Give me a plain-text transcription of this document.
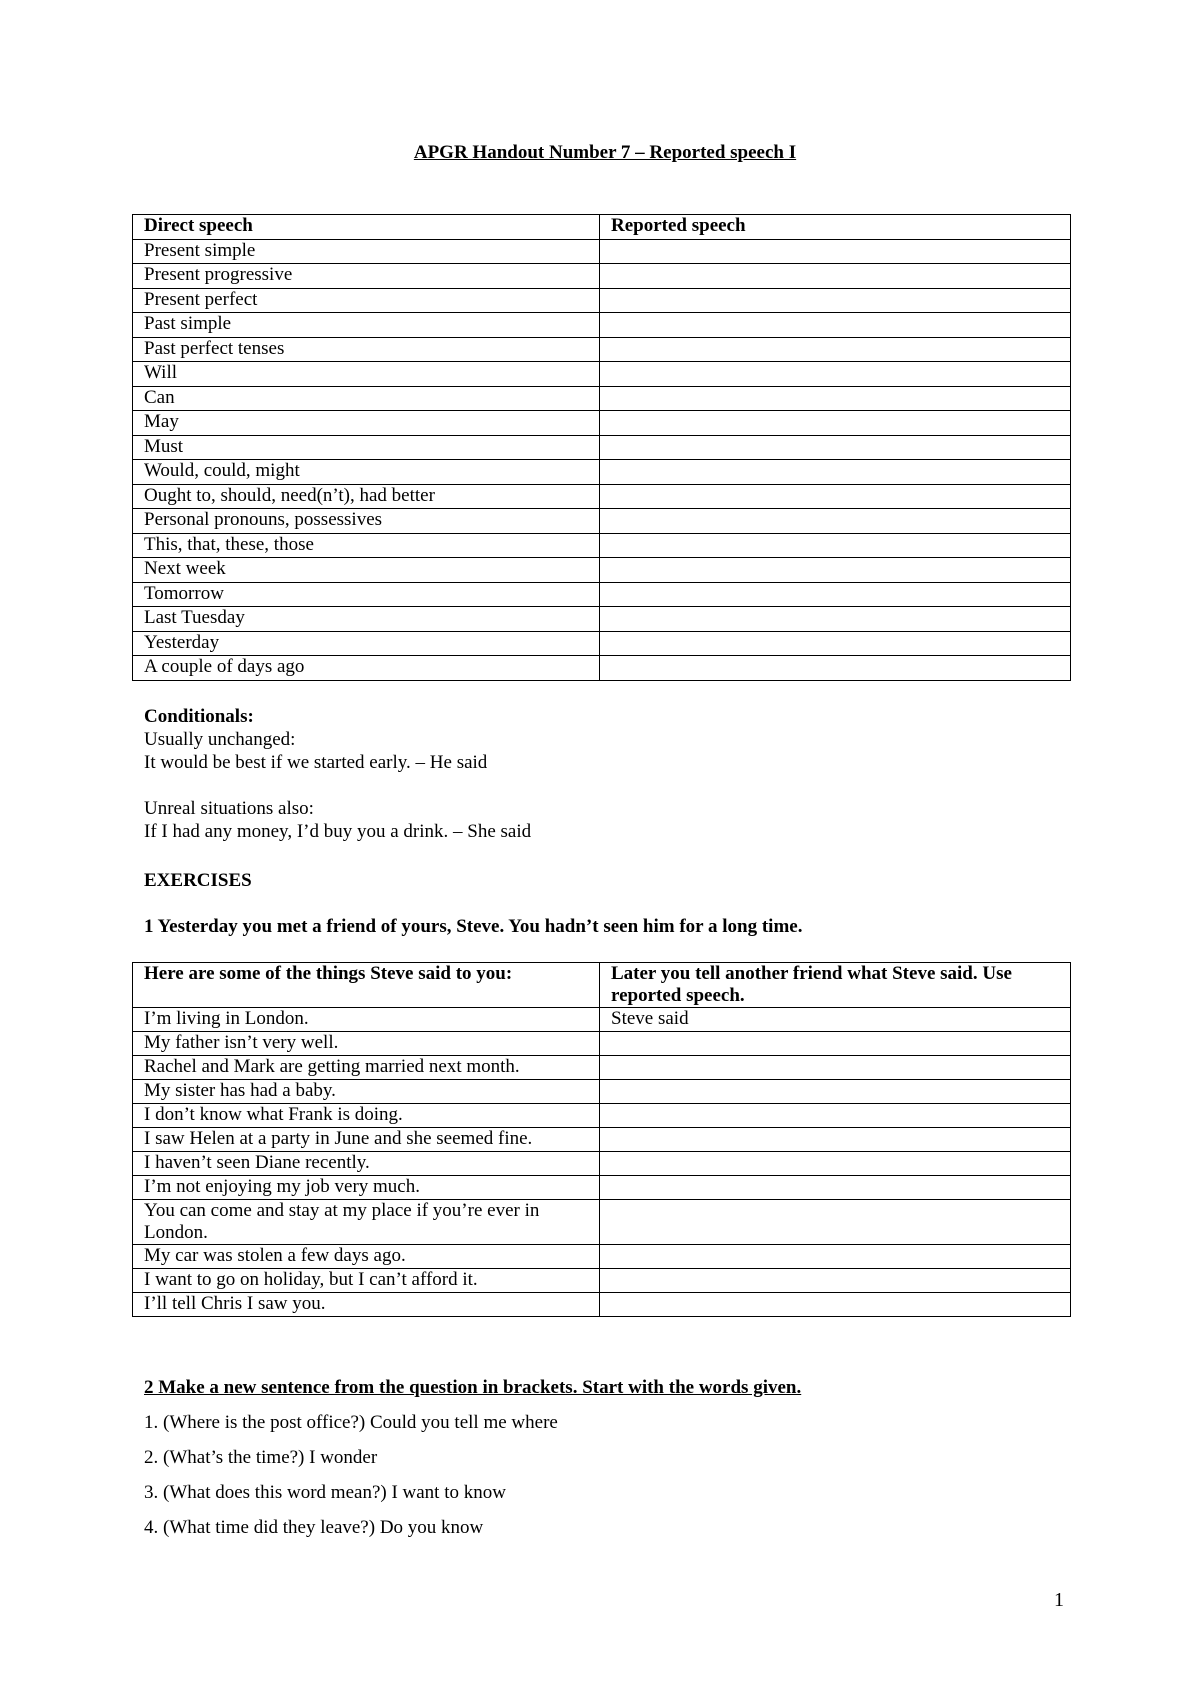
APGR Handout Number 7 – Reported speech I
Direct speech	Reported speech
Present simple	
Present progressive	
Present perfect	
Past simple	
Past perfect tenses	
Will	
Can	
May	
Must	
Would, could, might	
Ought to, should, need(n’t), had better	
Personal pronouns, possessives	
This, that, these, those	
Next week	
Tomorrow	
Last Tuesday	
Yesterday	
A couple of days ago	
Conditionals:
Usually unchanged:
It would be best if we started early. – He said
Unreal situations also:
If I had any money, I’d buy you a drink. – She said
EXERCISES
1 Yesterday you met a friend of yours, Steve. You hadn’t seen him for a long time.
Here are some of the things Steve said to you:	Later you tell another friend what Steve said. Use reported speech.
I’m living in London.	Steve said
My father isn’t very well.	
Rachel and Mark are getting married next month.	
My sister has had a baby.	
I don’t know what Frank is doing.	
I saw Helen at a party in June and she seemed fine.	
I haven’t seen Diane recently.	
I’m not enjoying my job very much.	
You can come and stay at my place if you’re ever in London.	
My car was stolen a few days ago.	
I want to go on holiday, but I can’t afford it.	
I’ll tell Chris I saw you.	
2 Make a new sentence from the question in brackets. Start with the words given.
1. (Where is the post office?) Could you tell me where
2. (What’s the time?) I wonder
3. (What does this word mean?) I want to know
4. (What time did they leave?) Do you know
1
